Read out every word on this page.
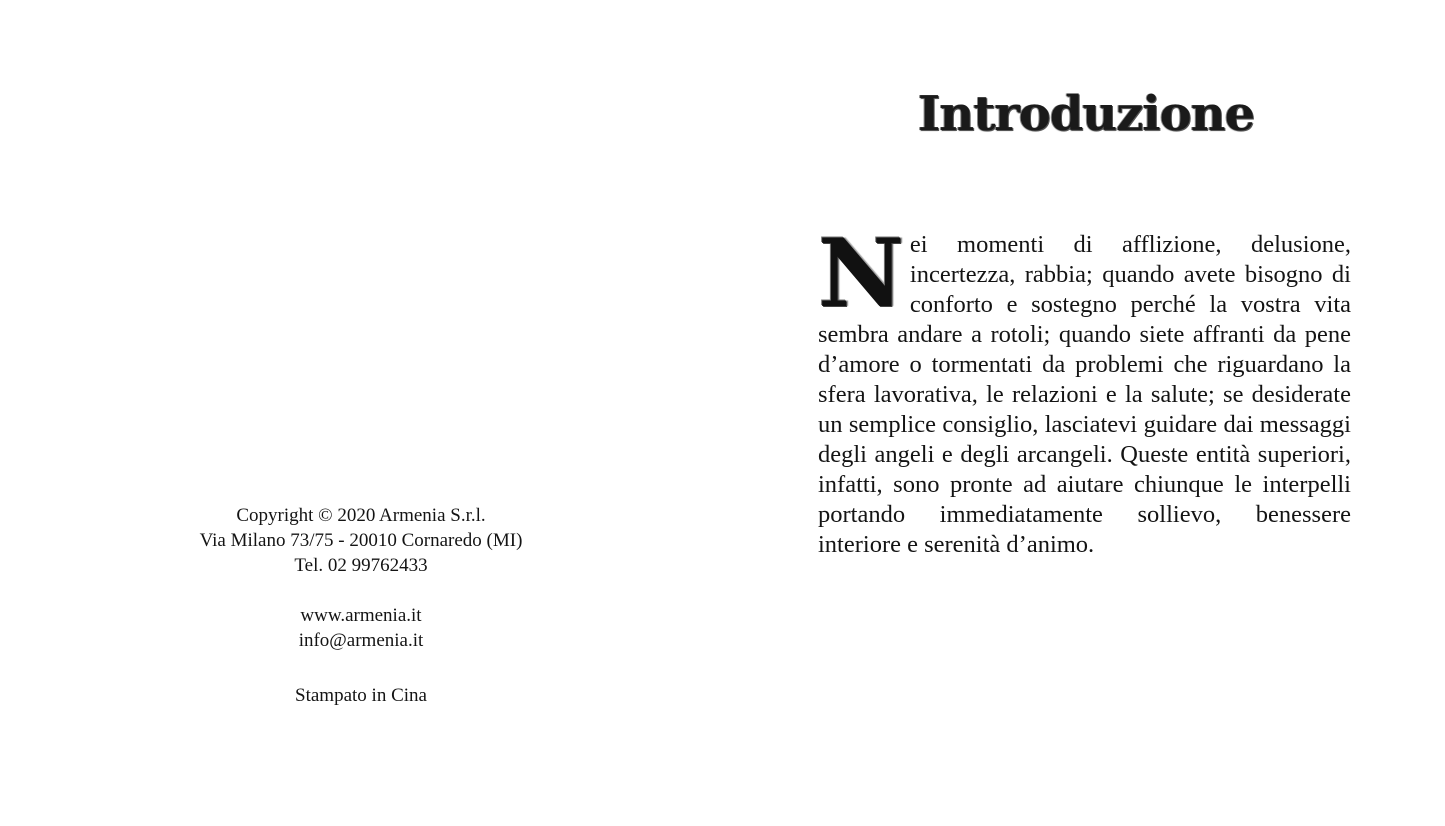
Copyright © 2020 Armenia S.r.l.
Via Milano 73/75 - 20010 Cornaredo (MI)
Tel. 02 99762433
www.armenia.it
info@armenia.it
Stampato in Cina
Introduzione
N ei momenti di afflizione, delusione, incertezza, rabbia; quando avete bisogno di conforto e sostegno perché la vostra vita sembra andare a rotoli; quando siete affranti da pene d’amore o tormentati da problemi che riguardano la sfera lavorativa, le relazioni e la salute; se desiderate un semplice consiglio, lasciatevi guidare dai messaggi degli angeli e degli arcangeli. Queste entità superiori, infatti, sono pronte ad aiutare chiunque le interpelli portando immediatamente sollievo, benessere interiore e serenità d’animo.
